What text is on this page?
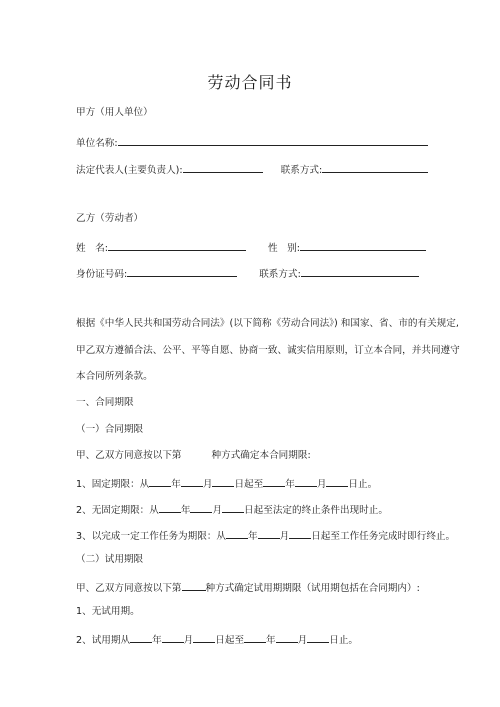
劳动合同书
甲方（用人单位）
单位名称:
法定代表人(主要负责人):	联系方式:
乙方（劳动者）
姓　名:	性　别:
身份证号码:	联系方式:
根据《中华人民共和国劳动合同法》(以下简称《劳动合同法》) 和国家、省、市的有关规定,
甲乙双方遵循合法、公平、平等自愿、协商一致、诚实信用原则，订立本合同，并共同遵守
本合同所列条款。
一、合同期限
（一）合同期限
甲、乙双方同意按以下第	种方式确定本合同期限:
1、固定期限：从 年 月 日起至 年 月 日止。
2、无固定期限：从 年 月 日起至法定的终止条件出现时止。
3、以完成一定工作任务为期限：从 年 月 日起至工作任务完成时即行终止。
（二）试用期限
甲、乙双方同意按以下第	种方式确定试用期期限（试用期包括在合同期内）:
1、无试用期。
2、试用期从 年 月 日起至 年 月 日止。
